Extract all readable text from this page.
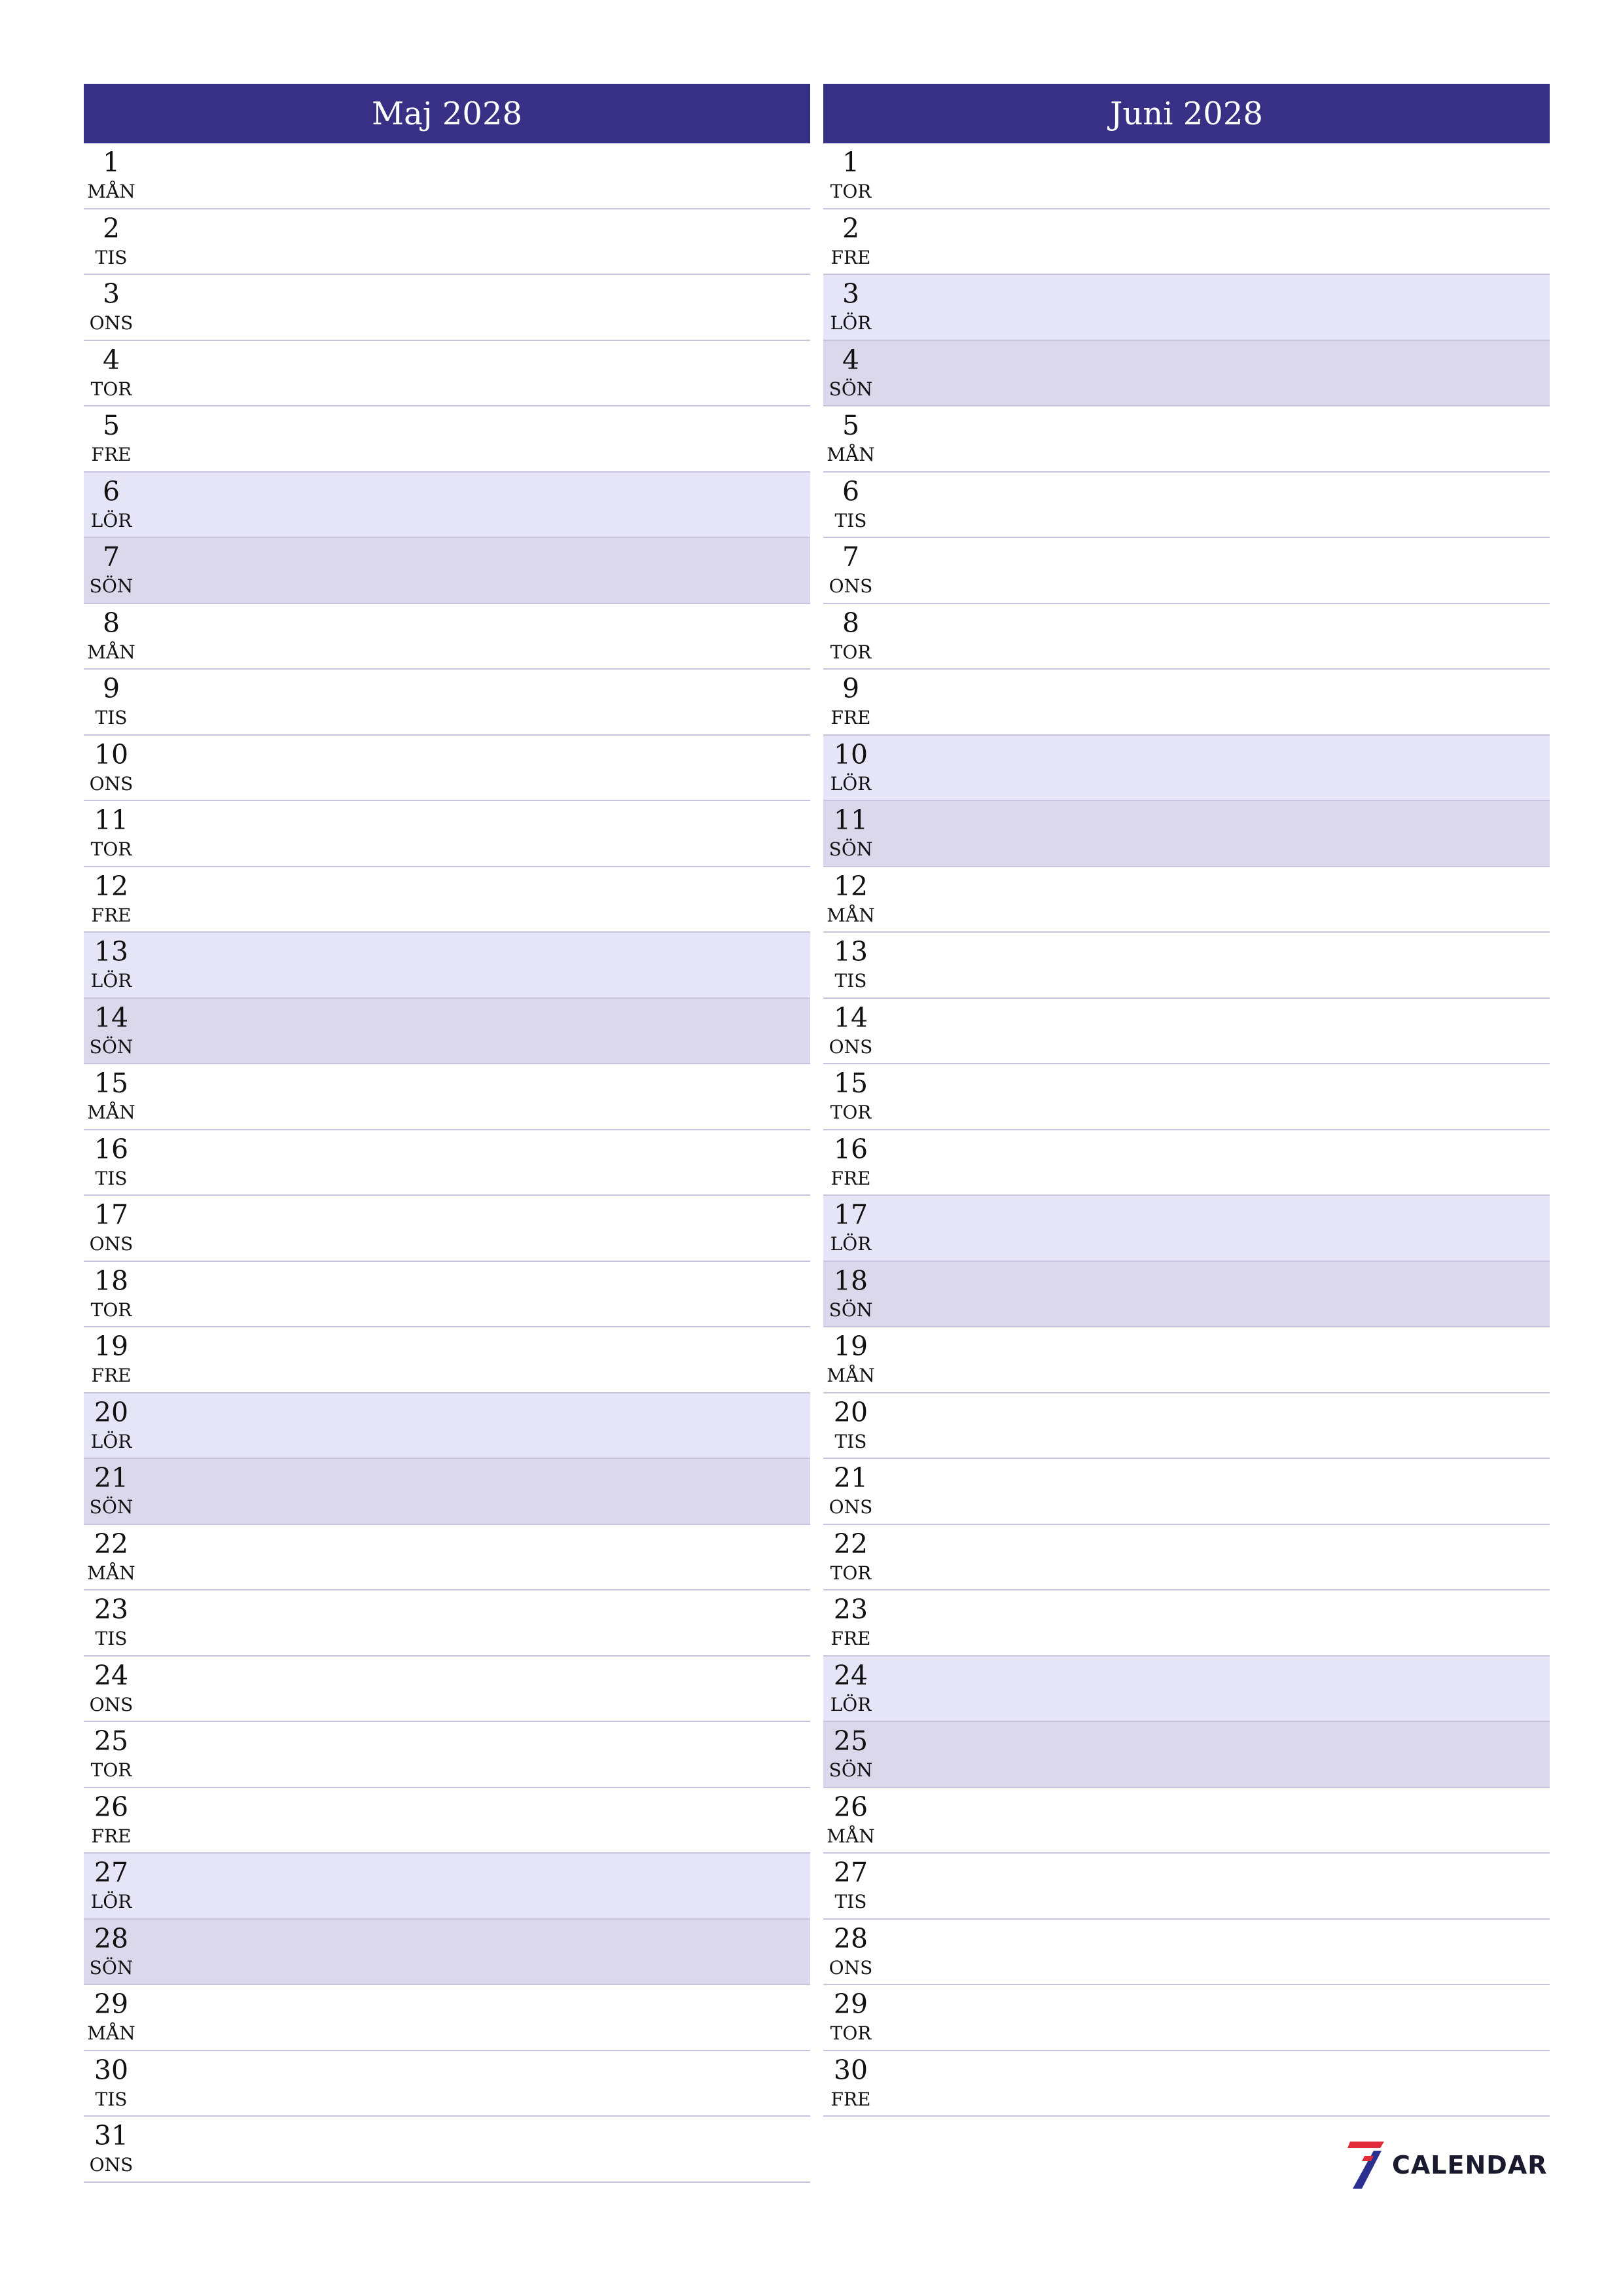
Maj 2028
1
MÅN
2
TIS
3
ONS
4
TOR
5
FRE
6
LÖR
7
SÖN
8
MÅN
9
TIS
10
ONS
11
TOR
12
FRE
13
LÖR
14
SÖN
15
MÅN
16
TIS
17
ONS
18
TOR
19
FRE
20
LÖR
21
SÖN
22
MÅN
23
TIS
24
ONS
25
TOR
26
FRE
27
LÖR
28
SÖN
29
MÅN
30
TIS
31
ONS
Juni 2028
1
TOR
2
FRE
3
LÖR
4
SÖN
5
MÅN
6
TIS
7
ONS
8
TOR
9
FRE
10
LÖR
11
SÖN
12
MÅN
13
TIS
14
ONS
15
TOR
16
FRE
17
LÖR
18
SÖN
19
MÅN
20
TIS
21
ONS
22
TOR
23
FRE
24
LÖR
25
SÖN
26
MÅN
27
TIS
28
ONS
29
TOR
30
FRE
CALENDAR
